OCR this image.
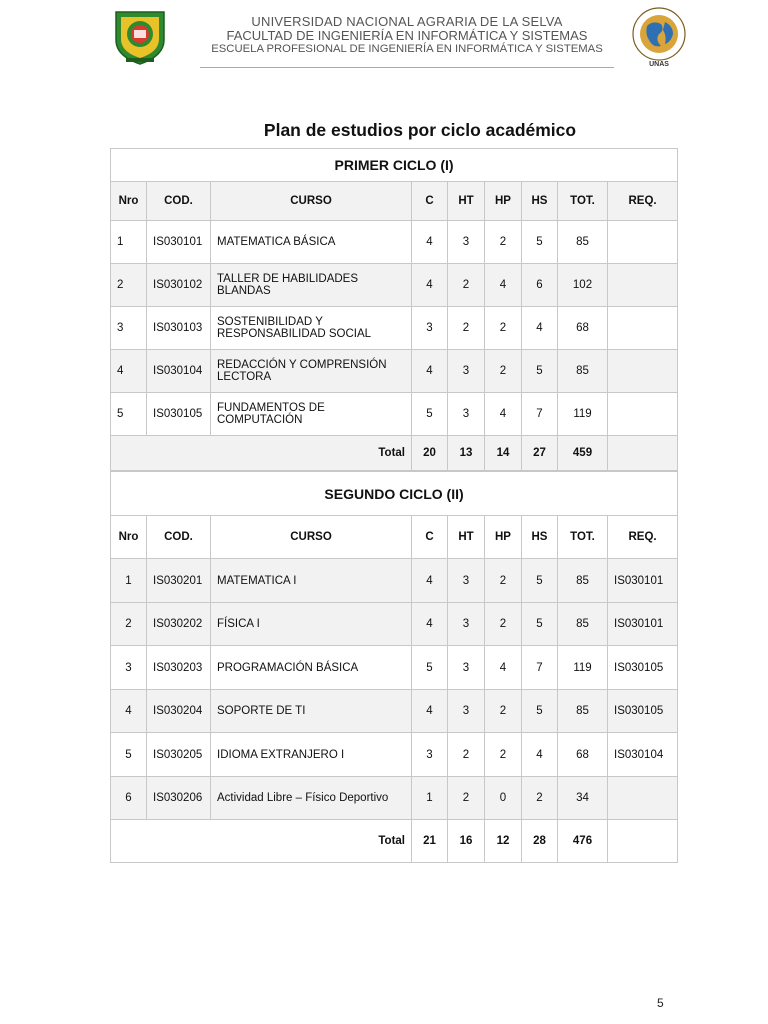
UNAS
UNIVERSIDAD NACIONAL AGRARIA DE LA SELVA
FACULTAD DE INGENIERÍA EN INFORMÁTICA Y SISTEMAS
ESCUELA PROFESIONAL DE INGENIERÍA EN INFORMÁTICA Y SISTEMAS
Plan de estudios por ciclo académico
PRIMER CICLO (I)								
Nro	COD.	CURSO	C	HT	HP	HS	TOT.	REQ.
1	IS030101	MATEMATICA BÁSICA	4	3	2	5	85	
2	IS030102	TALLER DE HABILIDADES BLANDAS	4	2	4	6	102	
3	IS030103	SOSTENIBILIDAD Y RESPONSABILIDAD SOCIAL	3	2	2	4	68	
4	IS030104	REDACCIÓN Y COMPRENSIÓN LECTORA	4	3	2	5	85	
5	IS030105	FUNDAMENTOS DE COMPUTACIÓN	5	3	4	7	119	
Total			20	13	14	27	459	
SEGUNDO CICLO (II)								
Nro	COD.	CURSO	C	HT	HP	HS	TOT.	REQ.
1	IS030201	MATEMATICA I	4	3	2	5	85	IS030101
2	IS030202	FÍSICA I	4	3	2	5	85	IS030101
3	IS030203	PROGRAMACIÓN BÁSICA	5	3	4	7	119	IS030105
4	IS030204	SOPORTE DE TI	4	3	2	5	85	IS030105
5	IS030205	IDIOMA EXTRANJERO I	3	2	2	4	68	IS030104
6	IS030206	Actividad Libre – Físico Deportivo	1	2	0	2	34	
Total			21	16	12	28	476	
5
